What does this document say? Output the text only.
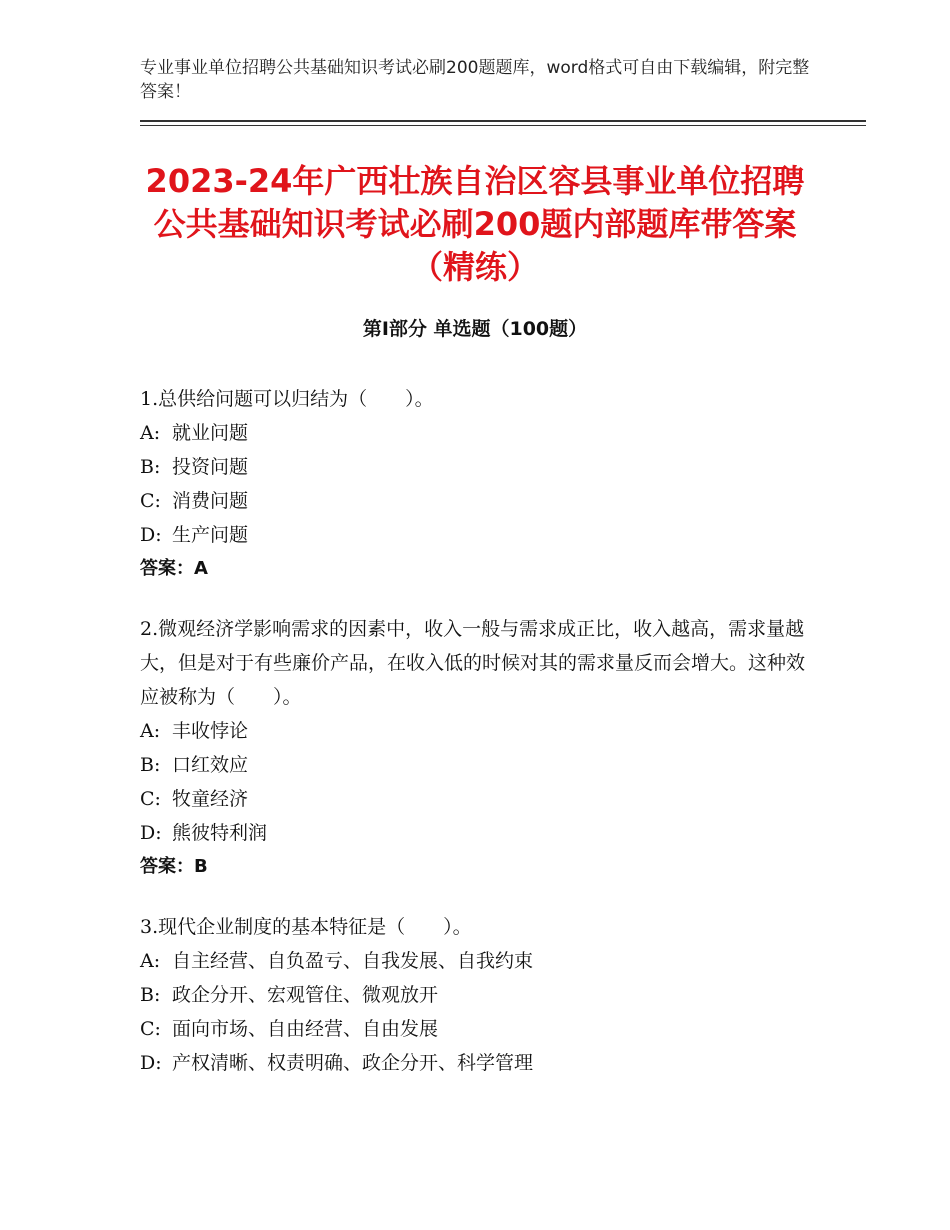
专业事业单位招聘公共基础知识考试必刷200题题库，word格式可自由下载编辑，附完整答案！
2023-24年广西壮族自治区容县事业单位招聘公共基础知识考试必刷200题内部题库带答案（精练）
第Ⅰ部分 单选题（100题）

1.总供给问题可以归结为（　　）。

A: 就业问题

B: 投资问题

C: 消费问题

D: 生产问题

答案：A

2.微观经济学影响需求的因素中，收入一般与需求成正比，收入越高，需求量越大，但是对于有些廉价产品，在收入低的时候对其的需求量反而会增大。这种效应被称为（　　）。

A: 丰收悖论

B: 口红效应

C: 牧童经济

D: 熊彼特利润

答案：B

3.现代企业制度的基本特征是（　　）。

A: 自主经营、自负盈亏、自我发展、自我约束

B: 政企分开、宏观管住、微观放开

C: 面向市场、自由经营、自由发展

D: 产权清晰、权责明确、政企分开、科学管理
